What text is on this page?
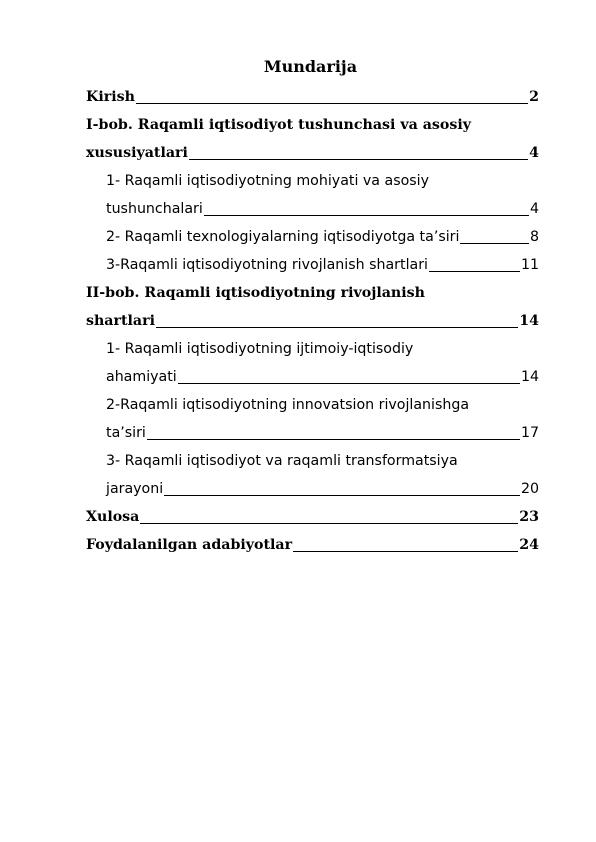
Mundarija
Kirish	2
I-bob. Raqamli iqtisodiyot tushunchasi va asosiy
xususiyatlari	4
1- Raqamli iqtisodiyotning mohiyati va asosiy
tushunchalari	4
2- Raqamli texnologiyalarning iqtisodiyotga ta’siri	8
3-Raqamli iqtisodiyotning rivojlanish shartlari	11
II-bob. Raqamli iqtisodiyotning rivojlanish
shartlari	14
1- Raqamli iqtisodiyotning ijtimoiy-iqtisodiy
ahamiyati	14
2-Raqamli iqtisodiyotning innovatsion rivojlanishga
ta’siri	17
3- Raqamli iqtisodiyot va raqamli transformatsiya
jarayoni	20
Xulosa	23
Foydalanilgan adabiyotlar	24
